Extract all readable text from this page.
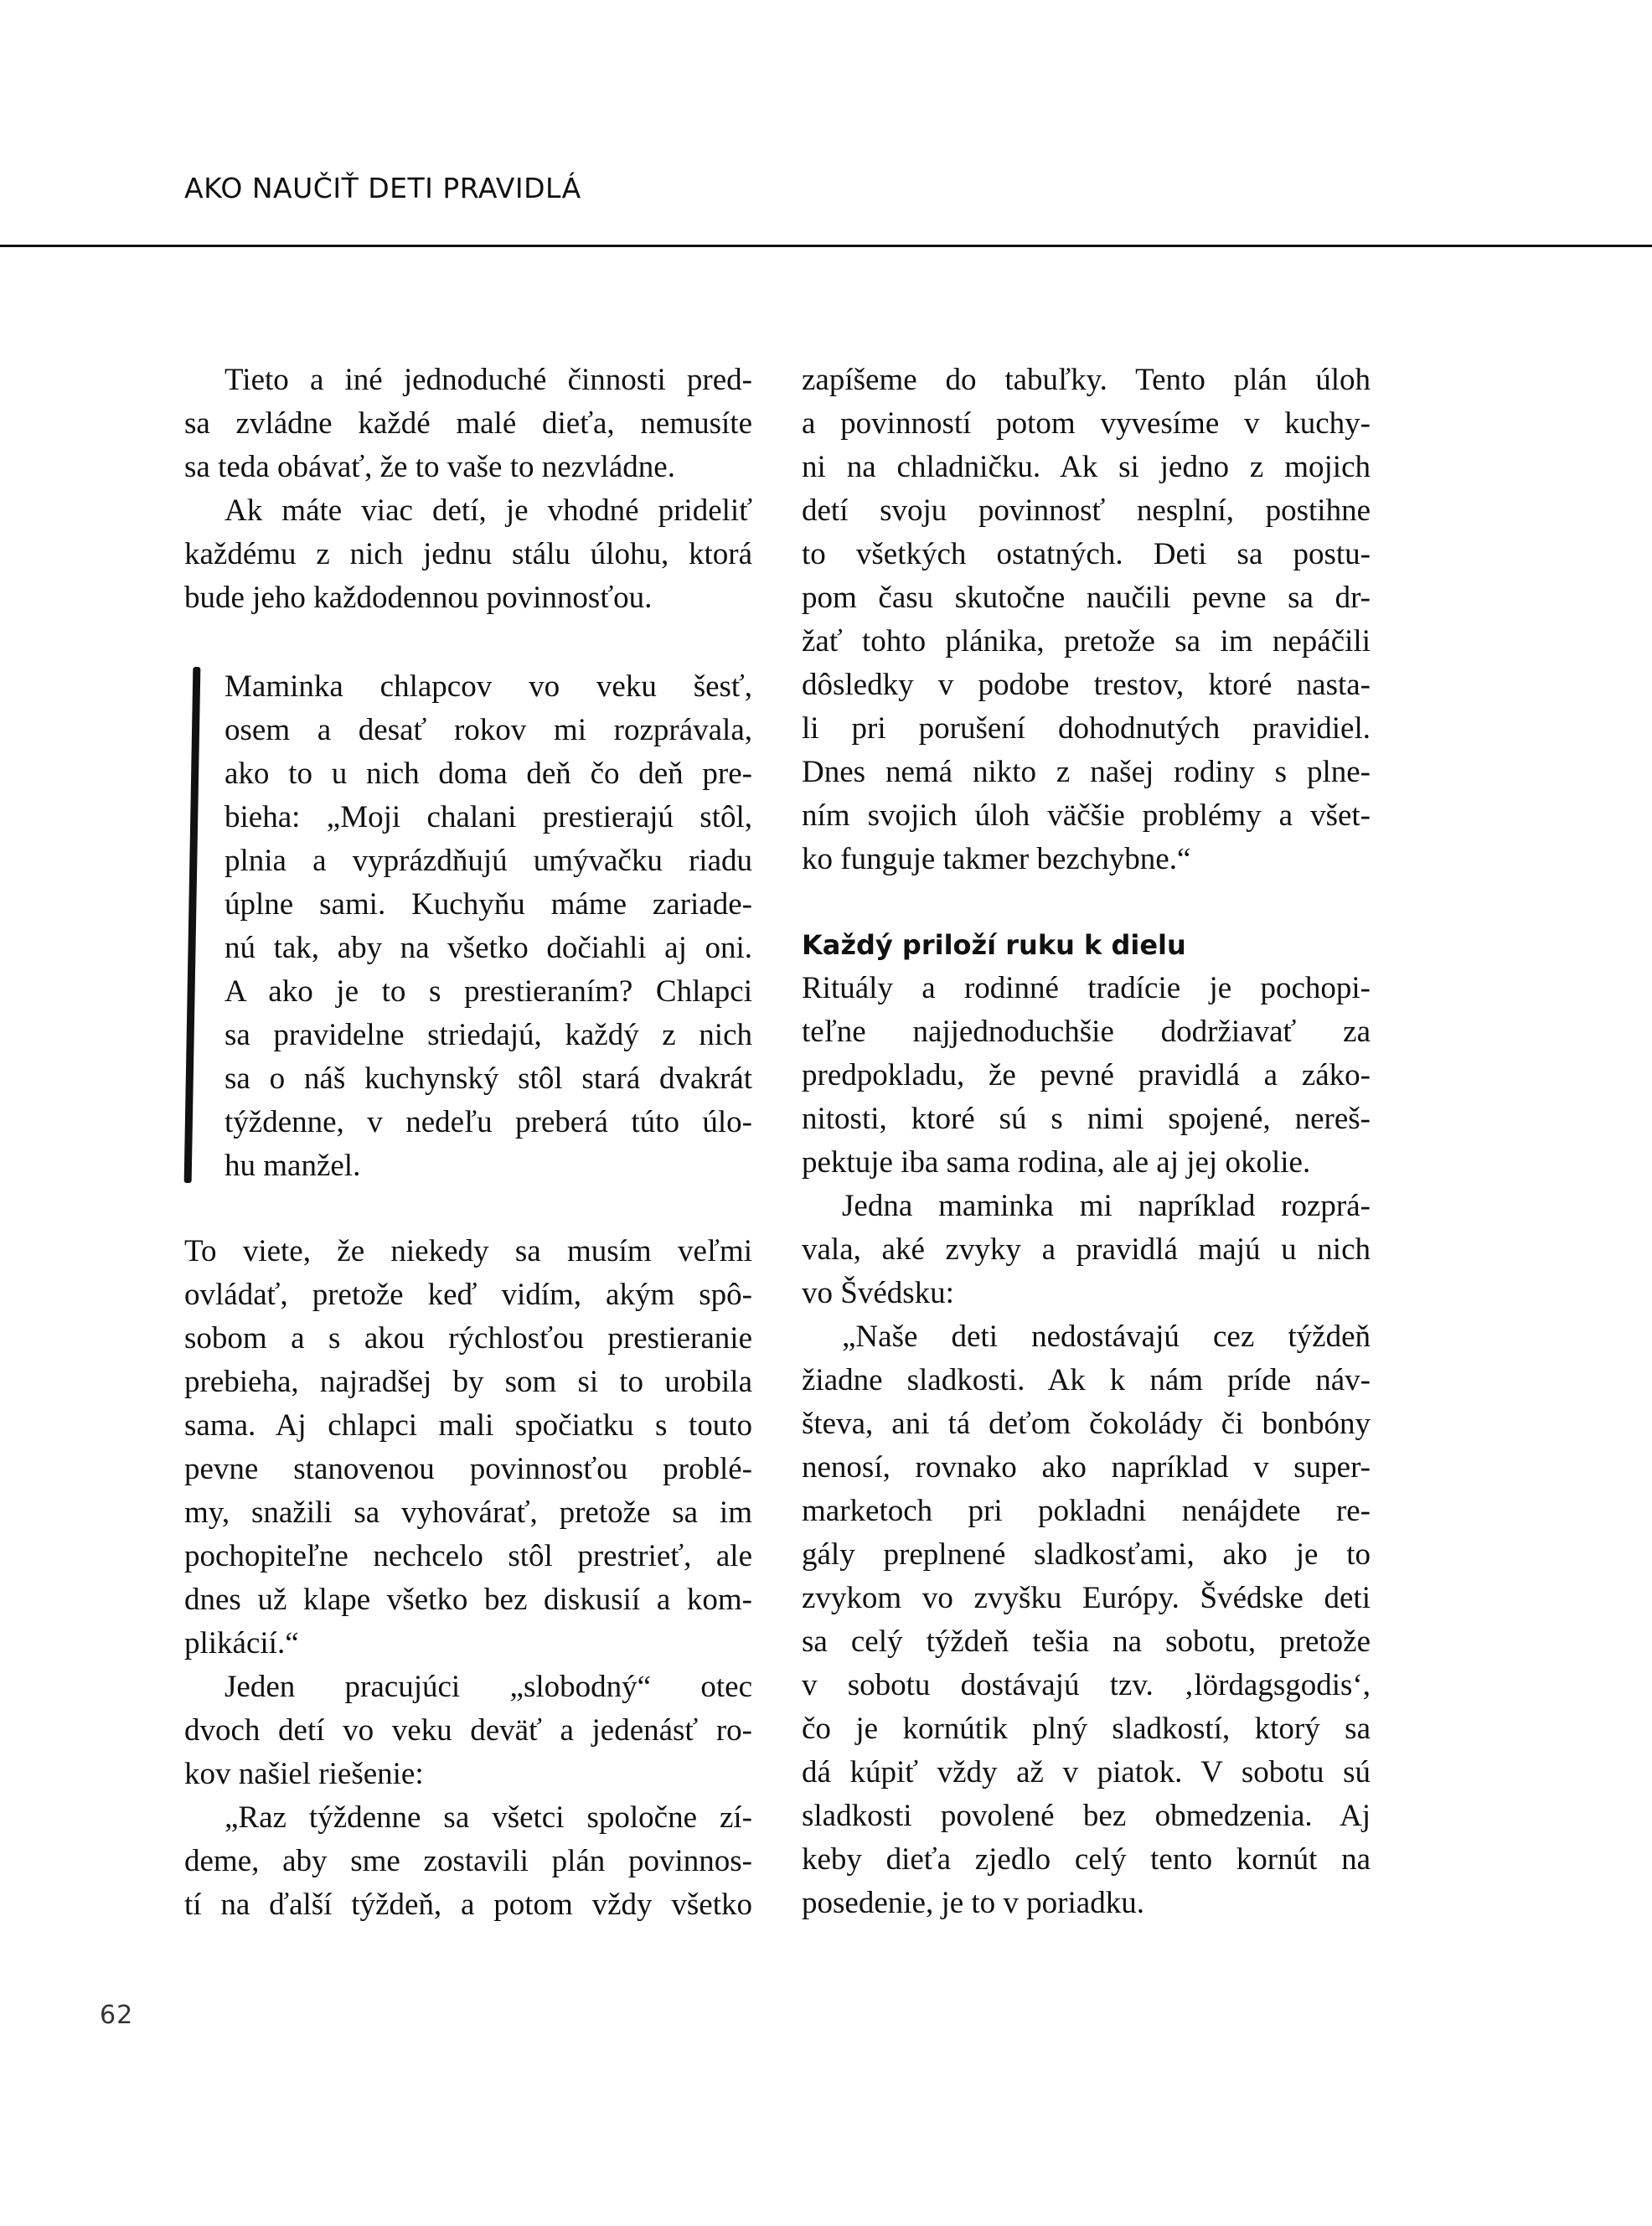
AKO NAUČIŤ DETI PRAVIDLÁ
Tieto a iné jednoduché činnosti pred-
sa zvládne každé malé dieťa, nemusíte
sa teda obávať, že to vaše to nezvládne.
Ak máte viac detí, je vhodné prideliť
každému z nich jednu stálu úlohu, ktorá
bude jeho každodennou povinnosťou.
Maminka chlapcov vo veku šesť,
osem a desať rokov mi rozprávala,
ako to u nich doma deň čo deň pre-
bieha: „Moji chalani prestierajú stôl,
plnia a vyprázdňujú umývačku riadu
úplne sami. Kuchyňu máme zariade-
nú tak, aby na všetko dočiahli aj oni.
A ako je to s prestieraním? Chlapci
sa pravidelne striedajú, každý z nich
sa o náš kuchynský stôl stará dvakrát
týždenne, v nedeľu preberá túto úlo-
hu manžel.
To viete, že niekedy sa musím veľmi
ovládať, pretože keď vidím, akým spô-
sobom a s akou rýchlosťou prestieranie
prebieha, najradšej by som si to urobila
sama. Aj chlapci mali spočiatku s touto
pevne stanovenou povinnosťou problé-
my, snažili sa vyhovárať, pretože sa im
pochopiteľne nechcelo stôl prestrieť, ale
dnes už klape všetko bez diskusií a kom-
plikácií.“
Jeden pracujúci „slobodný“ otec
dvoch detí vo veku deväť a jedenásť ro-
kov našiel riešenie:
„Raz týždenne sa všetci spoločne zí-
deme, aby sme zostavili plán povinnos-
tí na ďalší týždeň, a potom vždy všetko
zapíšeme do tabuľky. Tento plán úloh
a povinností potom vyvesíme v kuchy-
ni na chladničku. Ak si jedno z mojich
detí svoju povinnosť nesplní, postihne
to všetkých ostatných. Deti sa postu-
pom času skutočne naučili pevne sa dr-
žať tohto plánika, pretože sa im nepáčili
dôsledky v podobe trestov, ktoré nasta-
li pri porušení dohodnutých pravidiel.
Dnes nemá nikto z našej rodiny s plne-
ním svojich úloh väčšie problémy a všet-
ko funguje takmer bezchybne.“
Každý priloží ruku k dielu
Rituály a rodinné tradície je pochopi-
teľne najjednoduchšie dodržiavať za
predpokladu, že pevné pravidlá a záko-
nitosti, ktoré sú s nimi spojené, nereš-
pektuje iba sama rodina, ale aj jej okolie.
Jedna maminka mi napríklad rozprá-
vala, aké zvyky a pravidlá majú u nich
vo Švédsku:
„Naše deti nedostávajú cez týždeň
žiadne sladkosti. Ak k nám príde náv-
števa, ani tá deťom čokolády či bonbóny
nenosí, rovnako ako napríklad v super-
marketoch pri pokladni nenájdete re-
gály preplnené sladkosťami, ako je to
zvykom vo zvyšku Európy. Švédske deti
sa celý týždeň tešia na sobotu, pretože
v sobotu dostávajú tzv. ‚lördagsgodis‘,
čo je kornútik plný sladkostí, ktorý sa
dá kúpiť vždy až v piatok. V sobotu sú
sladkosti povolené bez obmedzenia. Aj
keby dieťa zjedlo celý tento kornút na
posedenie, je to v poriadku.
62
